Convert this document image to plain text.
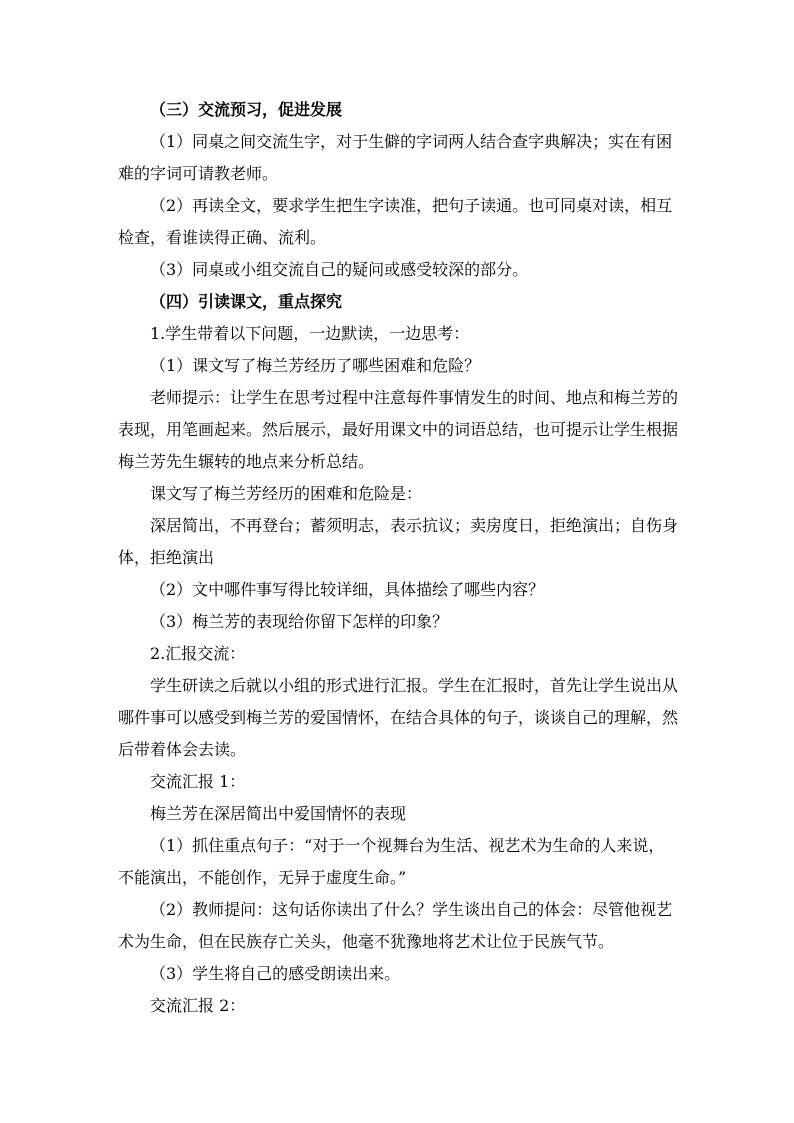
（三）交流预习，促进发展

（1）同桌之间交流生字，对于生僻的字词两人结合查字典解决；实在有困难的字词可请教老师。

（2）再读全文，要求学生把生字读准，把句子读通。也可同桌对读，相互检查，看谁读得正确、流利。

（3）同桌或小组交流自己的疑问或感受较深的部分。

（四）引读课文，重点探究

1.学生带着以下问题，一边默读，一边思考：

（1）课文写了梅兰芳经历了哪些困难和危险？

老师提示：让学生在思考过程中注意每件事情发生的时间、地点和梅兰芳的表现，用笔画起来。然后展示，最好用课文中的词语总结，也可提示让学生根据梅兰芳先生辗转的地点来分析总结。

课文写了梅兰芳经历的困难和危险是：

深居简出，不再登台；蓄须明志，表示抗议；卖房度日，拒绝演出；自伤身体，拒绝演出

（2）文中哪件事写得比较详细，具体描绘了哪些内容？

（3）梅兰芳的表现给你留下怎样的印象？

2.汇报交流：

学生研读之后就以小组的形式进行汇报。学生在汇报时，首先让学生说出从哪件事可以感受到梅兰芳的爱国情怀，在结合具体的句子，谈谈自己的理解，然后带着体会去读。

交流汇报 1：

梅兰芳在深居简出中爱国情怀的表现

（1）抓住重点句子：“对于一个视舞台为生活、视艺术为生命的人来说，不能演出，不能创作，无异于虚度生命。”

（2）教师提问：这句话你读出了什么？学生谈出自己的体会：尽管他视艺术为生命，但在民族存亡关头，他毫不犹豫地将艺术让位于民族气节。

（3）学生将自己的感受朗读出来。

交流汇报 2：
